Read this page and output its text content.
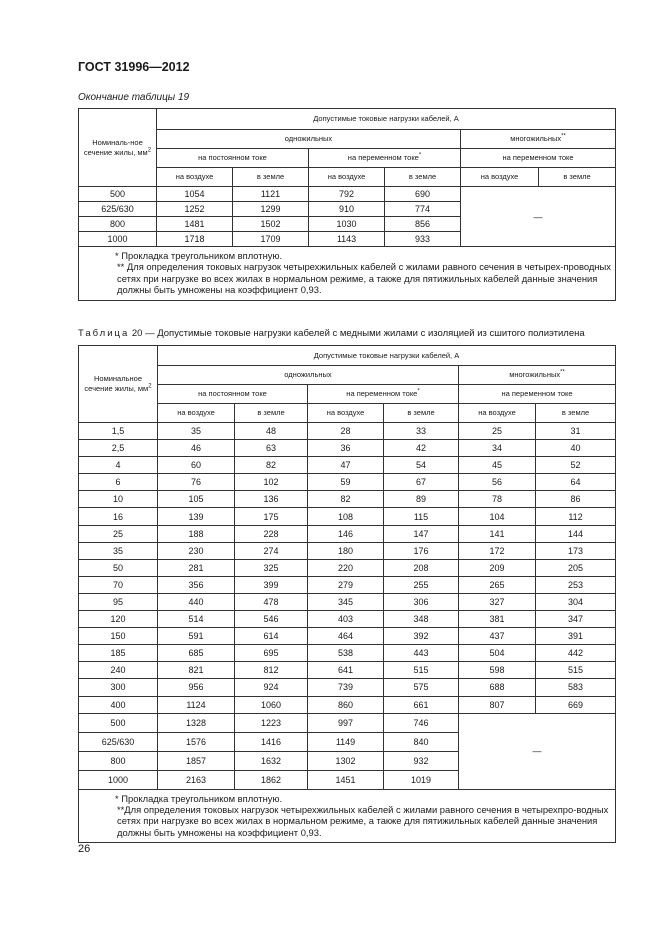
ГОСТ 31996—2012
Окончание таблицы 19
Номиналь-ное сечение жилы, $мм^2$	Допустимые токовые нагрузки кабелей, А					
	одножильных				многожильных**
	на постоянном токе		на переменном токе*		на переменном токе	
	на воздухе	в земле	на воздухе	в земле	на воздухе	в земле
500	1054	1121	792	690	—	
625/630	1252	1299	910	774		
800	1481	1502	1030	856		
1000	1718	1709	1143	933		

* Прокладка треугольником вплотную.

** Для определения токовых нагрузок четырехжильных кабелей с жилами равного сечения в четырех-проводных сетях при нагрузке во всех жилах в нормальном режиме, а также для пятижильных кабелей данные значения должны быть умножены на коэффициент 0,93.						

Таблица 20 — Допустимые токовые нагрузки кабелей с медными жилами с изоляцией из сшитого полиэтилена
Номинальное сечение жилы, $мм^2$	Допустимые токовые нагрузки кабелей, А					
	одножильных				многожильных**
	на постоянном токе		на переменном токе*		на переменном токе	
	на воздухе	в земле	на воздухе	в земле	на воздухе	в земле
1,5	35	48	28	33	25	31
2,5	46	63	36	42	34	40
4	60	82	47	54	45	52
6	76	102	59	67	56	64
10	105	136	82	89	78	86
16	139	175	108	115	104	112
25	188	228	146	147	141	144
35	230	274	180	176	172	173
50	281	325	220	208	209	205
70	356	399	279	255	265	253
95	440	478	345	306	327	304
120	514	546	403	348	381	347
150	591	614	464	392	437	391
185	685	695	538	443	504	442
240	821	812	641	515	598	515
300	956	924	739	575	688	583
400	1124	1060	860	661	807	669
500	1328	1223	997	746	—	
625/630	1576	1416	1149	840		
800	1857	1632	1302	932		
1000	2163	1862	1451	1019		

* Прокладка треугольником вплотную.

**Для определения токовых нагрузок четырехжильных кабелей с жилами равного сечения в четырехпро-водных сетях при нагрузке во всех жилах в нормальном режиме, а также для пятижильных кабелей данные значения должны быть умножены на коэффициент 0,93.						

26
